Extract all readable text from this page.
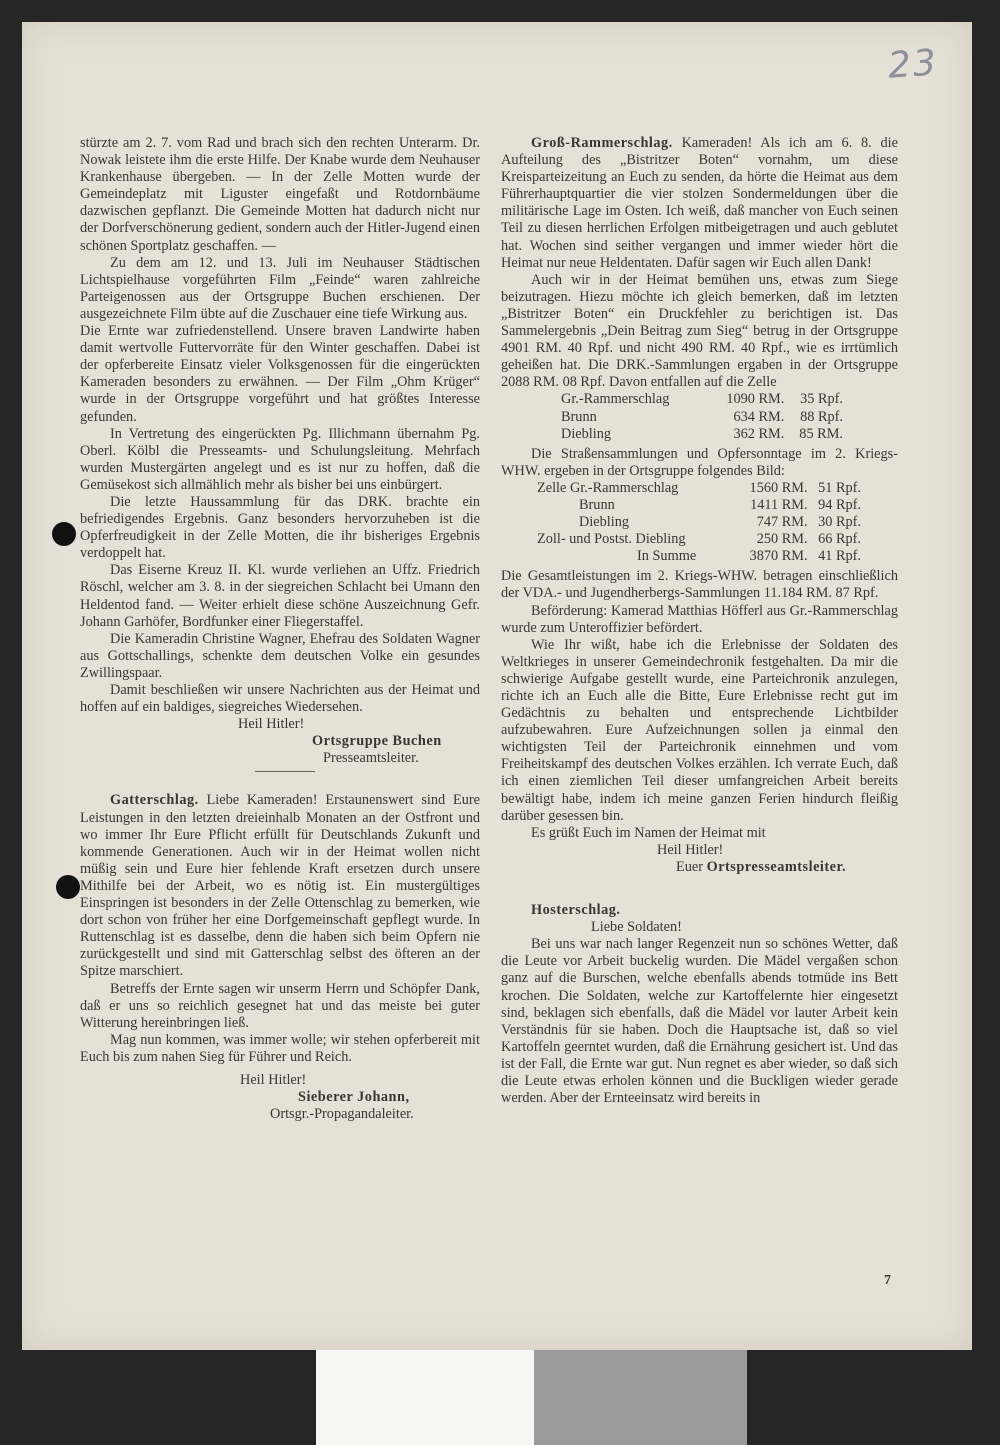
23

stürzte am 2. 7. vom Rad und brach sich den rechten Unterarm. Dr. Nowak leistete ihm die erste Hilfe. Der Knabe wurde dem Neuhauser Krankenhause übergeben. — In der Zelle Motten wurde der Gemeindeplatz mit Liguster eingefaßt und Rotdornbäume dazwischen gepflanzt. Die Gemeinde Motten hat dadurch nicht nur der Dorfverschönerung gedient, sondern auch der Hitler-Jugend einen schönen Sportplatz geschaffen. —

Zu dem am 12. und 13. Juli im Neuhauser Städtischen Lichtspielhause vorgeführten Film „Feinde“ waren zahlreiche Parteigenossen aus der Ortsgruppe Buchen erschienen. Der ausgezeichnete Film übte auf die Zuschauer eine tiefe Wirkung aus.

Die Ernte war zufriedenstellend. Unsere braven Landwirte haben damit wertvolle Futtervorräte für den Winter geschaffen. Dabei ist der opferbereite Einsatz vieler Volksgenossen für die eingerückten Kameraden besonders zu erwähnen. — Der Film „Ohm Krüger“ wurde in der Ortsgruppe vorgeführt und hat größtes Interesse gefunden.

In Vertretung des eingerückten Pg. Illichmann übernahm Pg. Oberl. Kölbl die Presseamts- und Schulungsleitung. Mehrfach wurden Mustergärten angelegt und es ist nur zu hoffen, daß die Gemüsekost sich allmählich mehr als bisher bei uns einbürgert.

Die letzte Haussammlung für das DRK. brachte ein befriedigendes Ergebnis. Ganz besonders hervorzuheben ist die Opferfreudigkeit in der Zelle Motten, die ihr bisheriges Ergebnis verdoppelt hat.

Das Eiserne Kreuz II. Kl. wurde verliehen an Uffz. Friedrich Röschl, welcher am 3. 8. in der siegreichen Schlacht bei Umann den Heldentod fand. — Weiter erhielt diese schöne Auszeichnung Gefr. Johann Garhöfer, Bordfunker einer Fliegerstaffel.

Die Kameradin Christine Wagner, Ehefrau des Soldaten Wagner aus Gottschallings, schenkte dem deutschen Volke ein gesundes Zwillingspaar.

Damit beschließen wir unsere Nachrichten aus der Heimat und hoffen auf ein baldiges, siegreiches Wiedersehen.

Heil Hitler!
Ortsgruppe Buchen
Presseamtsleiter.

Gatterschlag. Liebe Kameraden! Erstaunenswert sind Eure Leistungen in den letzten dreieinhalb Monaten an der Ostfront und wo immer Ihr Eure Pflicht erfüllt für Deutschlands Zukunft und kommende Generationen. Auch wir in der Heimat wollen nicht müßig sein und Eure hier fehlende Kraft ersetzen durch unsere Mithilfe bei der Arbeit, wo es nötig ist. Ein mustergültiges Einspringen ist besonders in der Zelle Ottenschlag zu bemerken, wie dort schon von früher her eine Dorfgemeinschaft gepflegt wurde. In Ruttenschlag ist es dasselbe, denn die haben sich beim Opfern nie zurückgestellt und sind mit Gatterschlag selbst des öfteren an der Spitze marschiert.

Betreffs der Ernte sagen wir unserm Herrn und Schöpfer Dank, daß er uns so reichlich gesegnet hat und das meiste bei guter Witterung hereinbringen ließ.

Mag nun kommen, was immer wolle; wir stehen opferbereit mit Euch bis zum nahen Sieg für Führer und Reich.

Heil Hitler!
Sieberer Johann,
Ortsgr.-Propagandaleiter.

Groß-Rammerschlag. Kameraden! Als ich am 6. 8. die Aufteilung des „Bistritzer Boten“ vornahm, um diese Kreisparteizeitung an Euch zu senden, da hörte die Heimat aus dem Führerhauptquartier die vier stolzen Sondermeldungen über die militärische Lage im Osten. Ich weiß, daß mancher von Euch seinen Teil zu diesen herrlichen Erfolgen mitbeigetragen und auch geblutet hat. Wochen sind seither vergangen und immer wieder hört die Heimat nur neue Heldentaten. Dafür sagen wir Euch allen Dank!

Auch wir in der Heimat bemühen uns, etwas zum Siege beizutragen. Hiezu möchte ich gleich bemerken, daß im letzten „Bistritzer Boten“ ein Druckfehler zu berichtigen ist. Das Sammelergebnis „Dein Beitrag zum Sieg“ betrug in der Ortsgruppe 4901 RM. 40 Rpf. und nicht 490 RM. 40 Rpf., wie es irrtümlich geheißen hat. Die DRK.-Sammlungen ergaben in der Ortsgruppe 2088 RM. 08 Rpf. Davon entfallen auf die Zelle

Gr.-Rammerschlag	1090 RM.	35 Rpf.
Brunn	634 RM.	88 Rpf.
Diebling	362 RM.	85 RM.

Die Straßensammlungen und Opfersonntage im 2. Kriegs-WHW. ergeben in der Ortsgruppe folgendes Bild:

Zelle Gr.-Rammerschlag	1560 RM.	51 Rpf.
Brunn	1411 RM.	94 Rpf.
Diebling	747 RM.	30 Rpf.
Zoll- und Postst. Diebling	250 RM.	66 Rpf.
In Summe	3870 RM.	41 Rpf.

Die Gesamtleistungen im 2. Kriegs-WHW. betragen einschließlich der VDA.- und Jugendherbergs-Sammlungen 11.184 RM. 87 Rpf.

Beförderung: Kamerad Matthias Höfferl aus Gr.-Rammerschlag wurde zum Unteroffizier befördert.

Wie Ihr wißt, habe ich die Erlebnisse der Soldaten des Weltkrieges in unserer Gemeindechronik festgehalten. Da mir die schwierige Aufgabe gestellt wurde, eine Parteichronik anzulegen, richte ich an Euch alle die Bitte, Eure Erlebnisse recht gut im Gedächtnis zu behalten und entsprechende Lichtbilder aufzubewahren. Eure Aufzeichnungen sollen ja einmal den wichtigsten Teil der Parteichronik einnehmen und vom Freiheitskampf des deutschen Volkes erzählen. Ich verrate Euch, daß ich einen ziemlichen Teil dieser umfangreichen Arbeit bereits bewältigt habe, indem ich meine ganzen Ferien hindurch fleißig darüber gesessen bin.

Es grüßt Euch im Namen der Heimat mit

Heil Hitler!
Euer Ortspresseamtsleiter.
Hosterschlag.
Liebe Soldaten!

Bei uns war nach langer Regenzeit nun so schönes Wetter, daß die Leute vor Arbeit buckelig wurden. Die Mädel vergaßen schon ganz auf die Burschen, welche ebenfalls abends totmüde ins Bett krochen. Die Soldaten, welche zur Kartoffelernte hier eingesetzt sind, beklagen sich ebenfalls, daß die Mädel vor lauter Arbeit kein Verständnis für sie haben. Doch die Hauptsache ist, daß so viel Kartoffeln geerntet wurden, daß die Ernährung gesichert ist. Und das ist der Fall, die Ernte war gut. Nun regnet es aber wieder, so daß sich die Leute etwas erholen können und die Buckligen wieder gerade werden. Aber der Ernteeinsatz wird bereits in

7
